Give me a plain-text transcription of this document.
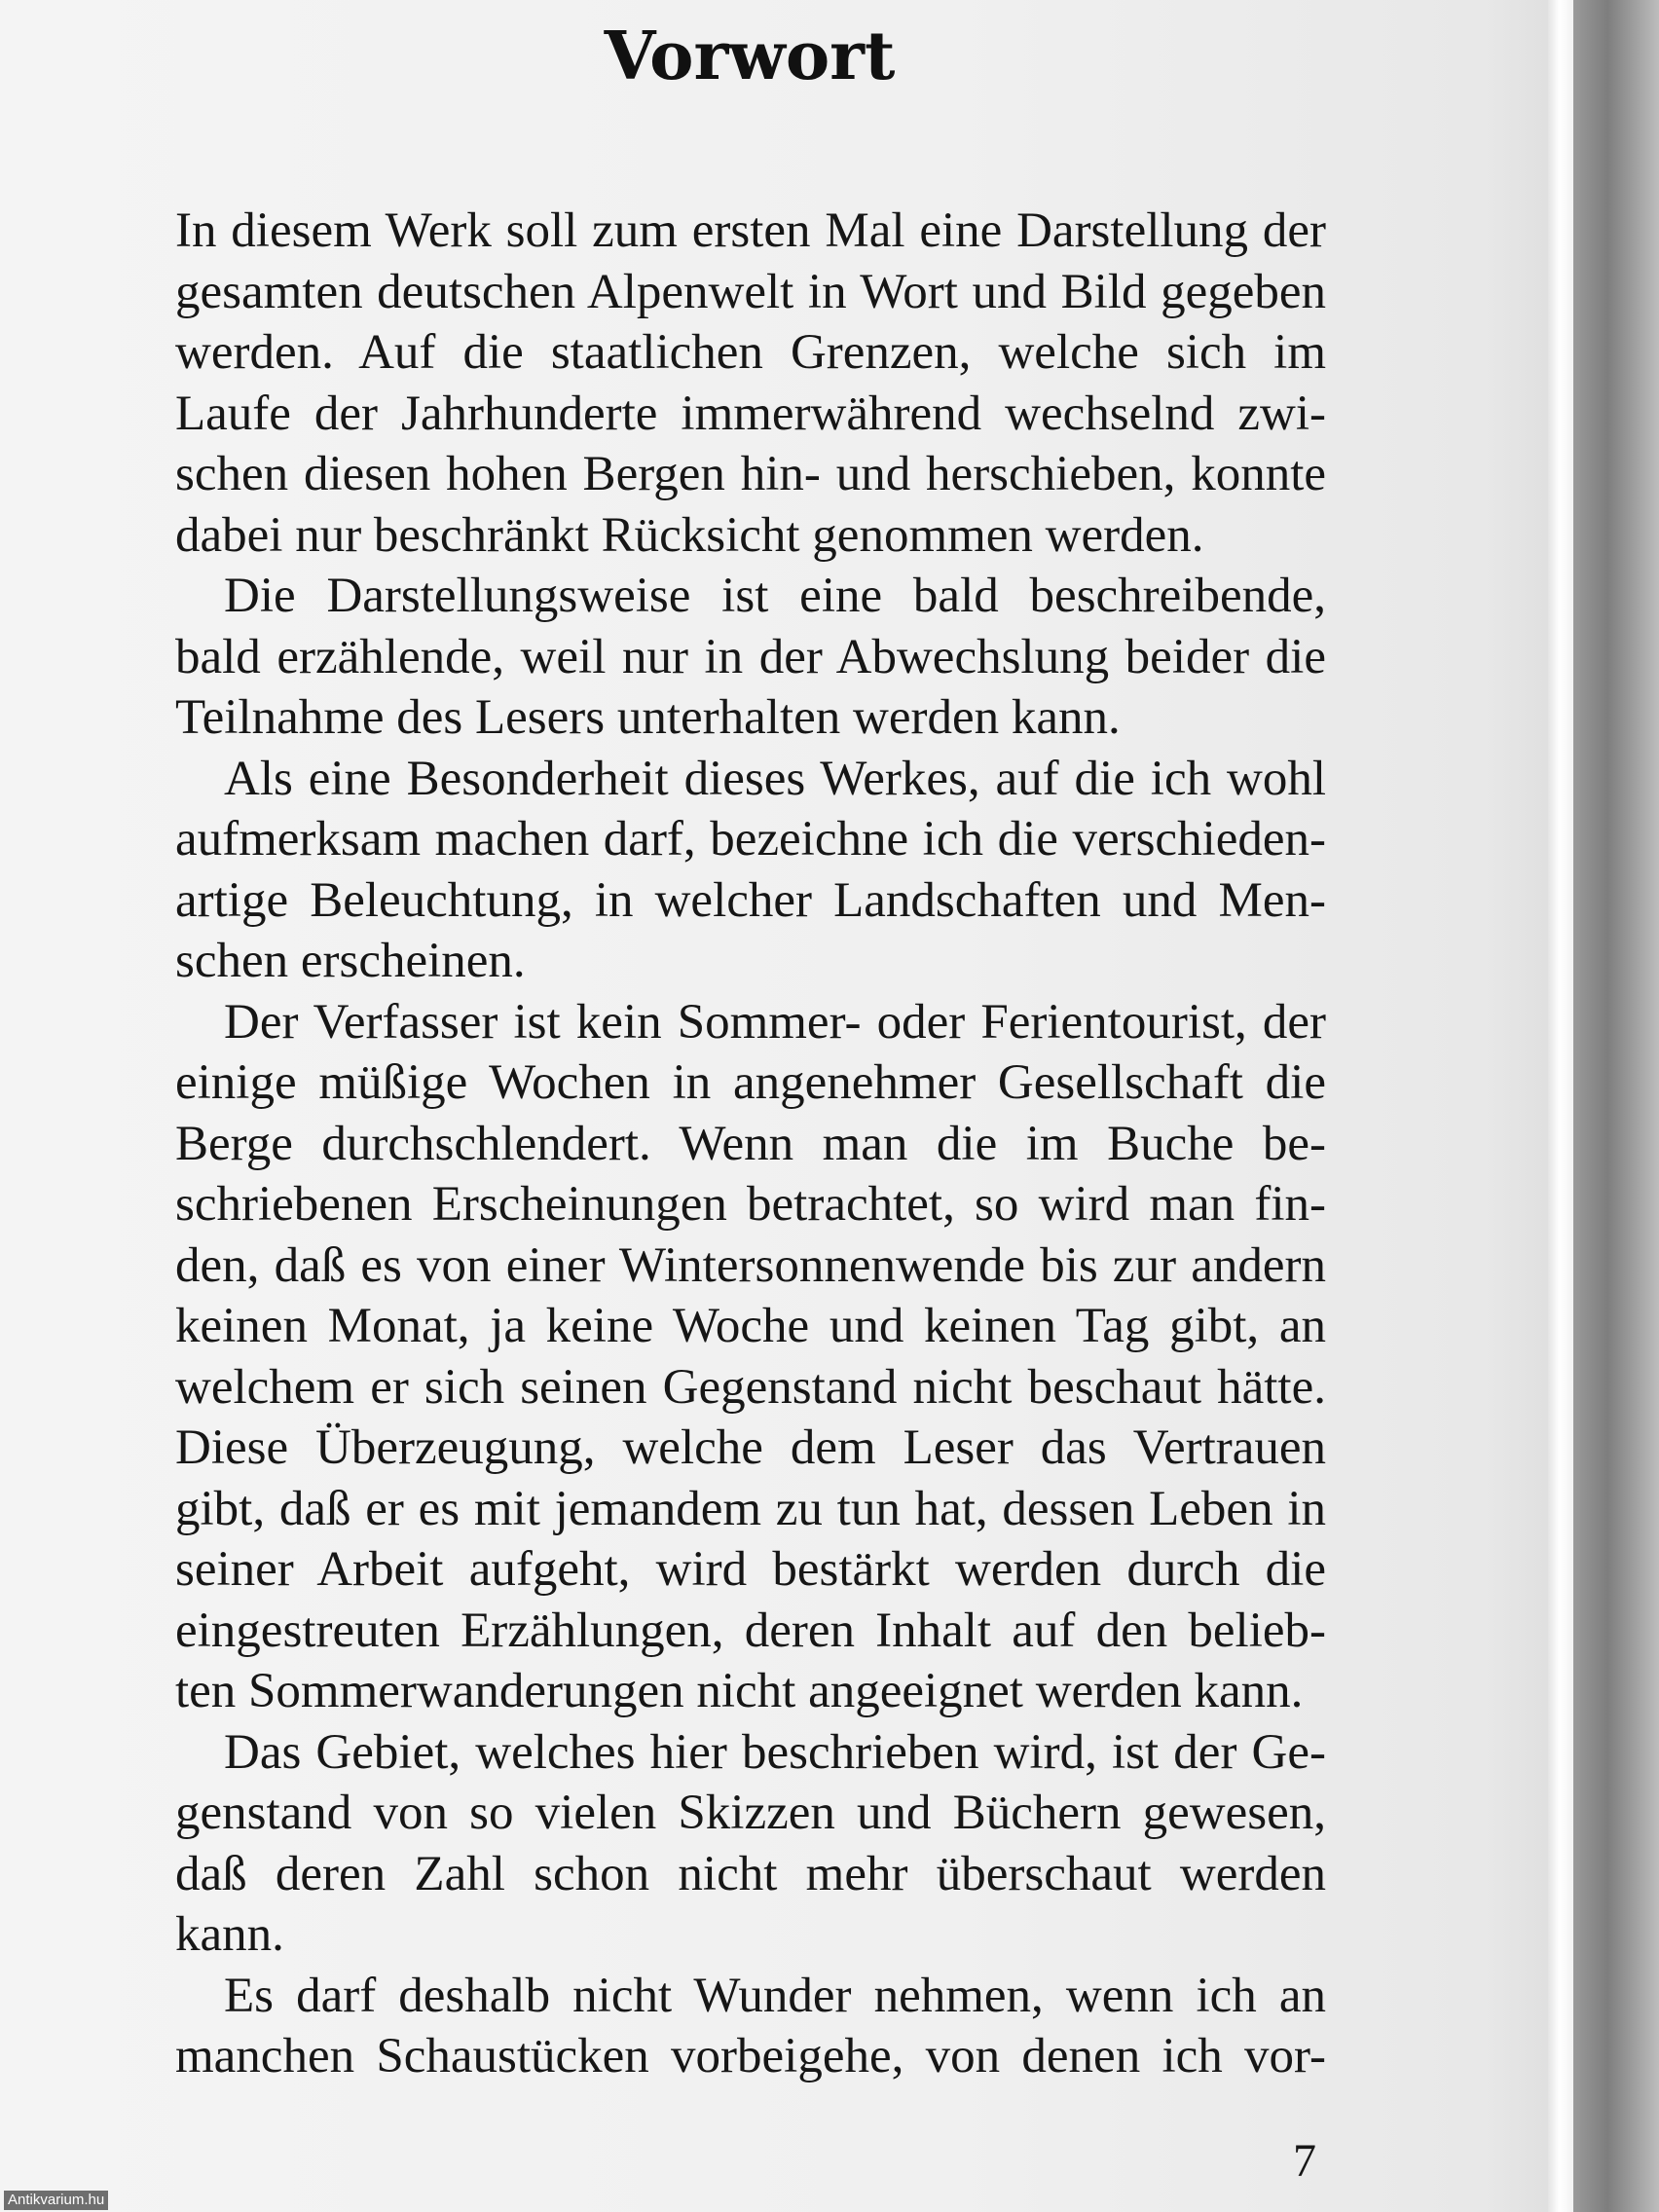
Vorwort

In diesem Werk soll zum ersten Mal eine Darstellung der
gesamten deutschen Alpenwelt in Wort und Bild gegeben
werden. Auf die staatlichen Grenzen, welche sich im
Laufe der Jahrhunderte immerwährend wechselnd zwi-
schen diesen hohen Bergen hin- und herschieben, konnte
dabei nur beschränkt Rücksicht genommen werden.

Die Darstellungsweise ist eine bald beschreibende,
bald erzählende, weil nur in der Abwechslung beider die
Teilnahme des Lesers unterhalten werden kann.

Als eine Besonderheit dieses Werkes, auf die ich wohl
aufmerksam machen darf, bezeichne ich die verschieden-
artige Beleuchtung, in welcher Landschaften und Men-
schen erscheinen.

Der Verfasser ist kein Sommer- oder Ferientourist, der
einige müßige Wochen in angenehmer Gesellschaft die
Berge durchschlendert. Wenn man die im Buche be-
schriebenen Erscheinungen betrachtet, so wird man fin-
den, daß es von einer Wintersonnenwende bis zur andern
keinen Monat, ja keine Woche und keinen Tag gibt, an
welchem er sich seinen Gegenstand nicht beschaut hätte.
Diese Überzeugung, welche dem Leser das Vertrauen
gibt, daß er es mit jemandem zu tun hat, dessen Leben in
seiner Arbeit aufgeht, wird bestärkt werden durch die
eingestreuten Erzählungen, deren Inhalt auf den belieb-
ten Sommerwanderungen nicht angeeignet werden kann.

Das Gebiet, welches hier beschrieben wird, ist der Ge-
genstand von so vielen Skizzen und Büchern gewesen,
daß deren Zahl schon nicht mehr überschaut werden
kann.

Es darf deshalb nicht Wunder nehmen, wenn ich an
manchen Schaustücken vorbeigehe, von denen ich vor-

7
Antikvarium.hu
